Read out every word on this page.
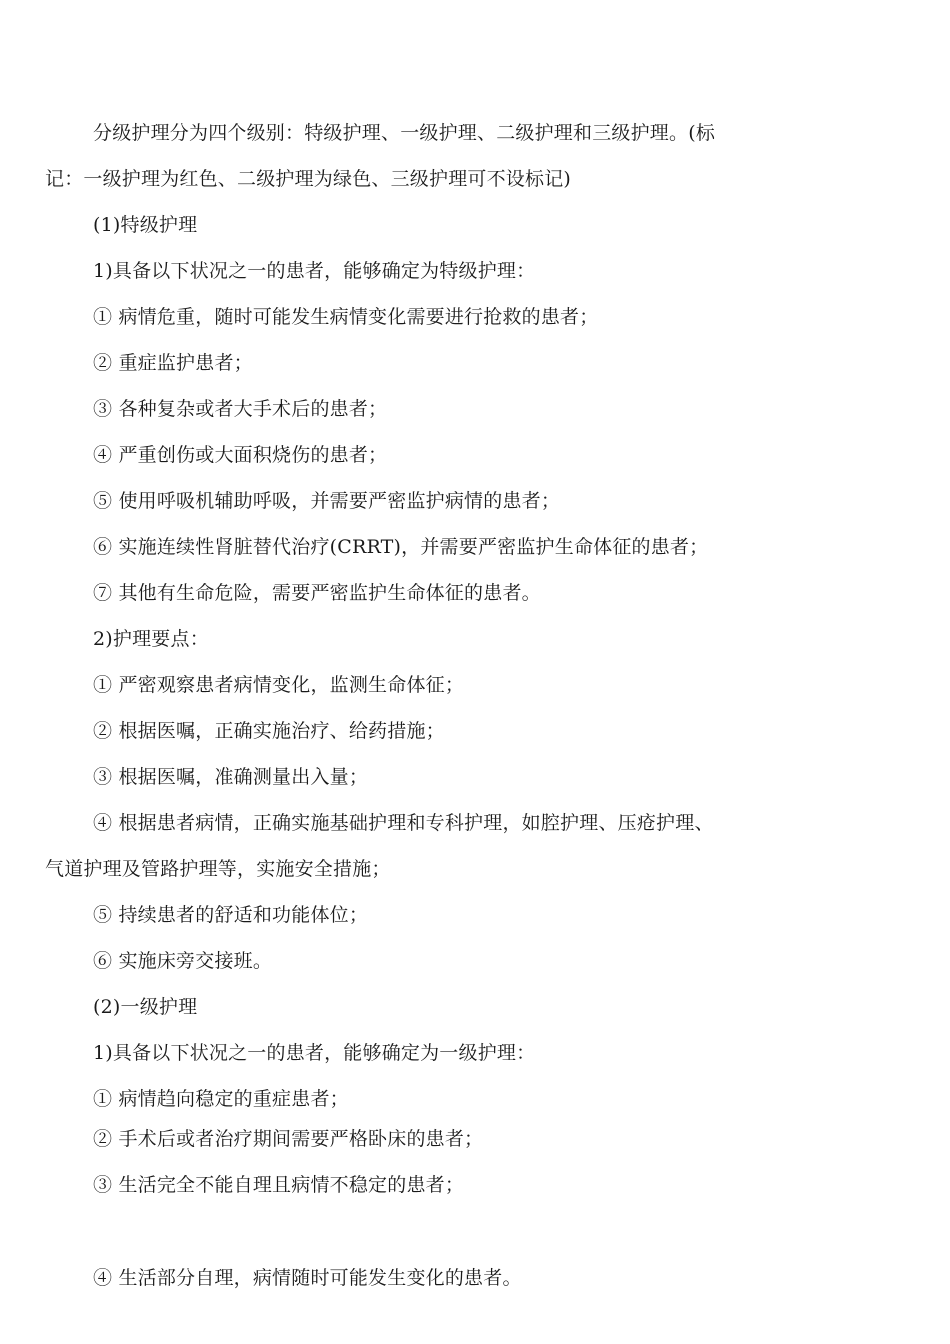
分级护理分为四个级别：特级护理、一级护理、二级护理和三级护理。(标
记：一级护理为红色、二级护理为绿色、三级护理可不设标记)
(1)特级护理
1)具备以下状况之一的患者，能够确定为特级护理：
① 病情危重，随时可能发生病情变化需要进行抢救的患者；
② 重症监护患者；
③ 各种复杂或者大手术后的患者；
④ 严重创伤或大面积烧伤的患者；
⑤ 使用呼吸机辅助呼吸，并需要严密监护病情的患者；
⑥ 实施连续性肾脏替代治疗(CRRT)，并需要严密监护生命体征的患者；
⑦ 其他有生命危险，需要严密监护生命体征的患者。
2)护理要点：
① 严密观察患者病情变化，监测生命体征；
② 根据医嘱，正确实施治疗、给药措施；
③ 根据医嘱，准确测量出入量；
④ 根据患者病情，正确实施基础护理和专科护理，如腔护理、压疮护理、
气道护理及管路护理等，实施安全措施；
⑤ 持续患者的舒适和功能体位；
⑥ 实施床旁交接班。
(2)一级护理
1)具备以下状况之一的患者，能够确定为一级护理：
① 病情趋向稳定的重症患者；
② 手术后或者治疗期间需要严格卧床的患者；
③ 生活完全不能自理且病情不稳定的患者；
④ 生活部分自理，病情随时可能发生变化的患者。
